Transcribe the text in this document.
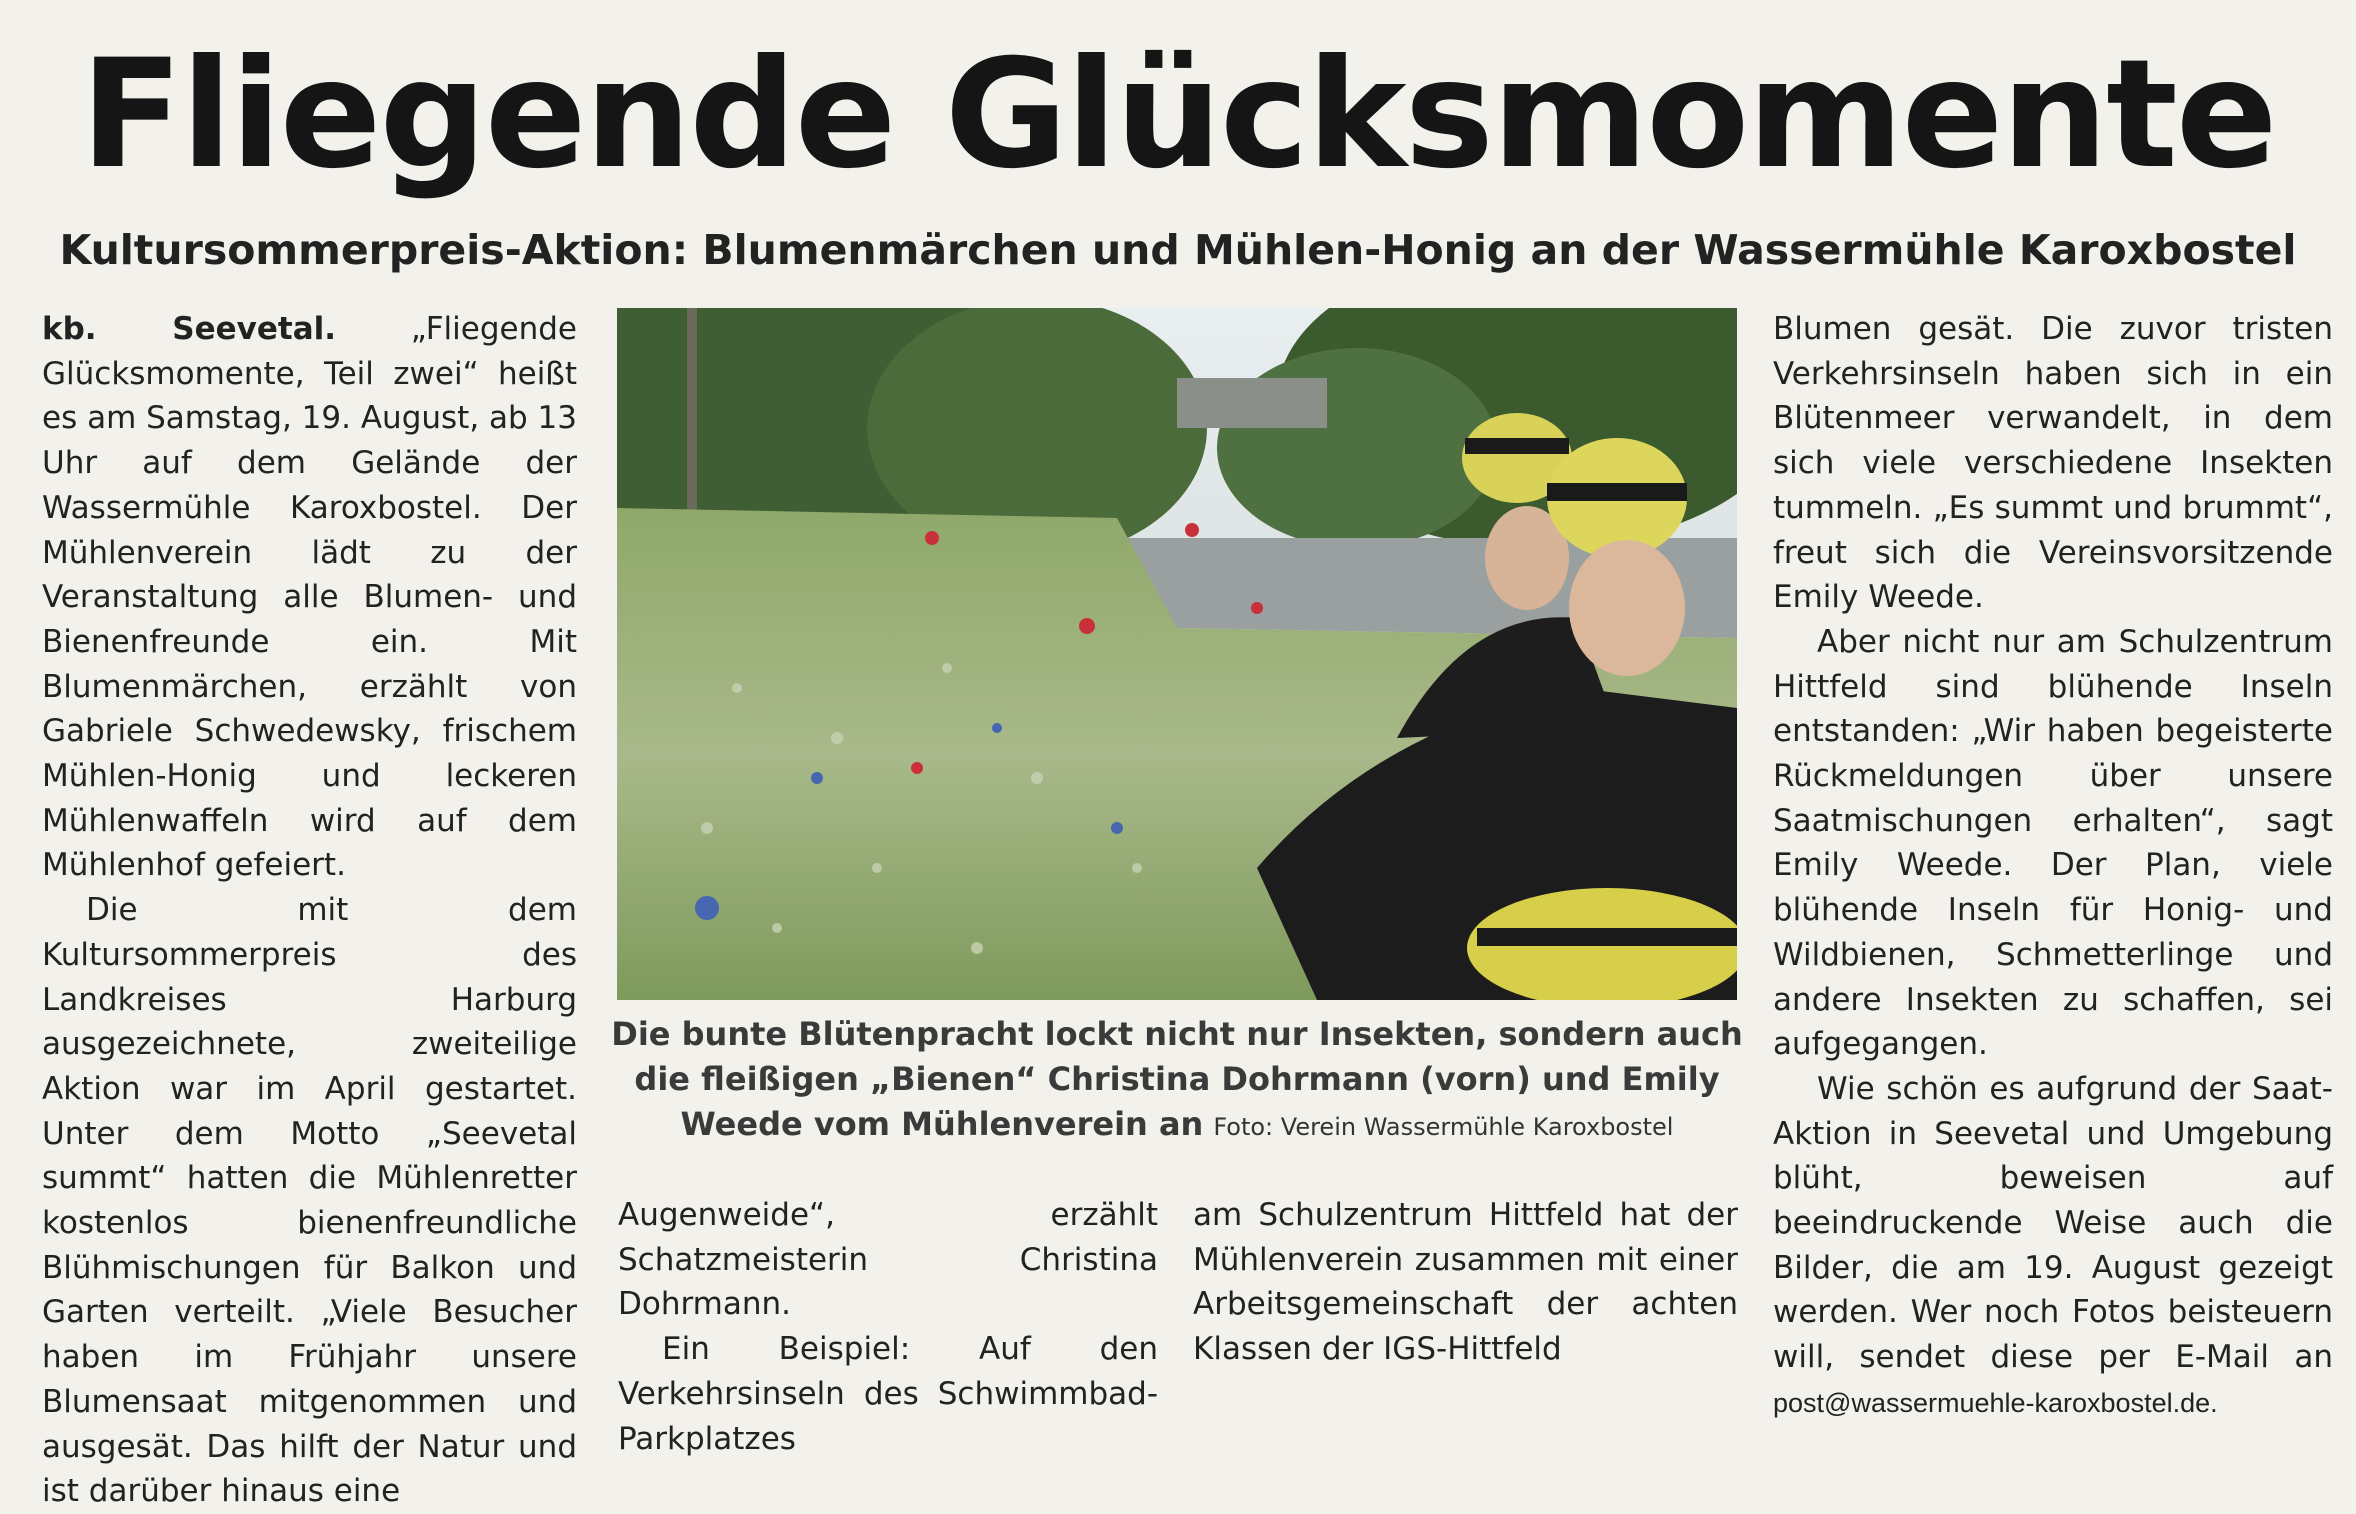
Fliegende Glücksmomente
Kultursommerpreis-Aktion: Blumenmärchen und Mühlen-Honig an der Wassermühle Karoxbostel

kb. Seevetal. „Fliegende Glücksmomente, Teil zwei“ heißt es am Samstag, 19. August, ab 13 Uhr auf dem Gelände der Wassermühle Karoxbostel. Der Mühlenverein lädt zu der Veranstaltung alle Blumen- und Bienenfreunde ein. Mit Blumenmärchen, erzählt von Gabriele Schwedewsky, frischem Mühlen-Honig und leckeren Mühlenwaffeln wird auf dem Mühlenhof gefeiert.

Die mit dem Kultursommerpreis des Landkreises Harburg ausgezeichnete, zweiteilige Aktion war im April gestartet. Unter dem Motto „Seevetal summt“ hatten die Mühlenretter kostenlos bienenfreundliche Blühmischungen für Balkon und Garten verteilt. „Viele Besucher haben im Frühjahr unsere Blumensaat mitgenommen und ausgesät. Das hilft der Natur und ist darüber hinaus eine

Die bunte Blütenpracht lockt nicht nur Insekten, sondern auch die fleißigen „Bienen“ Christina Dohrmann (vorn) und Emily Weede vom Mühlenverein an Foto: Verein Wassermühle Karoxbostel

Augenweide“, erzählt Schatzmeisterin Christina Dohrmann.

Ein Beispiel: Auf den Verkehrsinseln des Schwimmbad-Parkplatzes

am Schulzentrum Hittfeld hat der Mühlenverein zusammen mit einer Arbeitsgemeinschaft der achten Klassen der IGS-Hittfeld

Blumen gesät. Die zuvor tristen Verkehrsinseln haben sich in ein Blütenmeer verwandelt, in dem sich viele verschiedene Insekten tummeln. „Es summt und brummt“, freut sich die Vereinsvorsitzende Emily Weede.

Aber nicht nur am Schulzentrum Hittfeld sind blühende Inseln entstanden: „Wir haben begeisterte Rückmeldungen über unsere Saatmischungen erhalten“, sagt Emily Weede. Der Plan, viele blühende Inseln für Honig- und Wildbienen, Schmetterlinge und andere Insekten zu schaffen, sei aufgegangen.

Wie schön es aufgrund der Saat-Aktion in Seevetal und Umgebung blüht, beweisen auf beeindruckende Weise auch die Bilder, die am 19. August gezeigt werden. Wer noch Fotos beisteuern will, sendet diese per E-Mail an post@wassermuehle-karoxbostel.de.
